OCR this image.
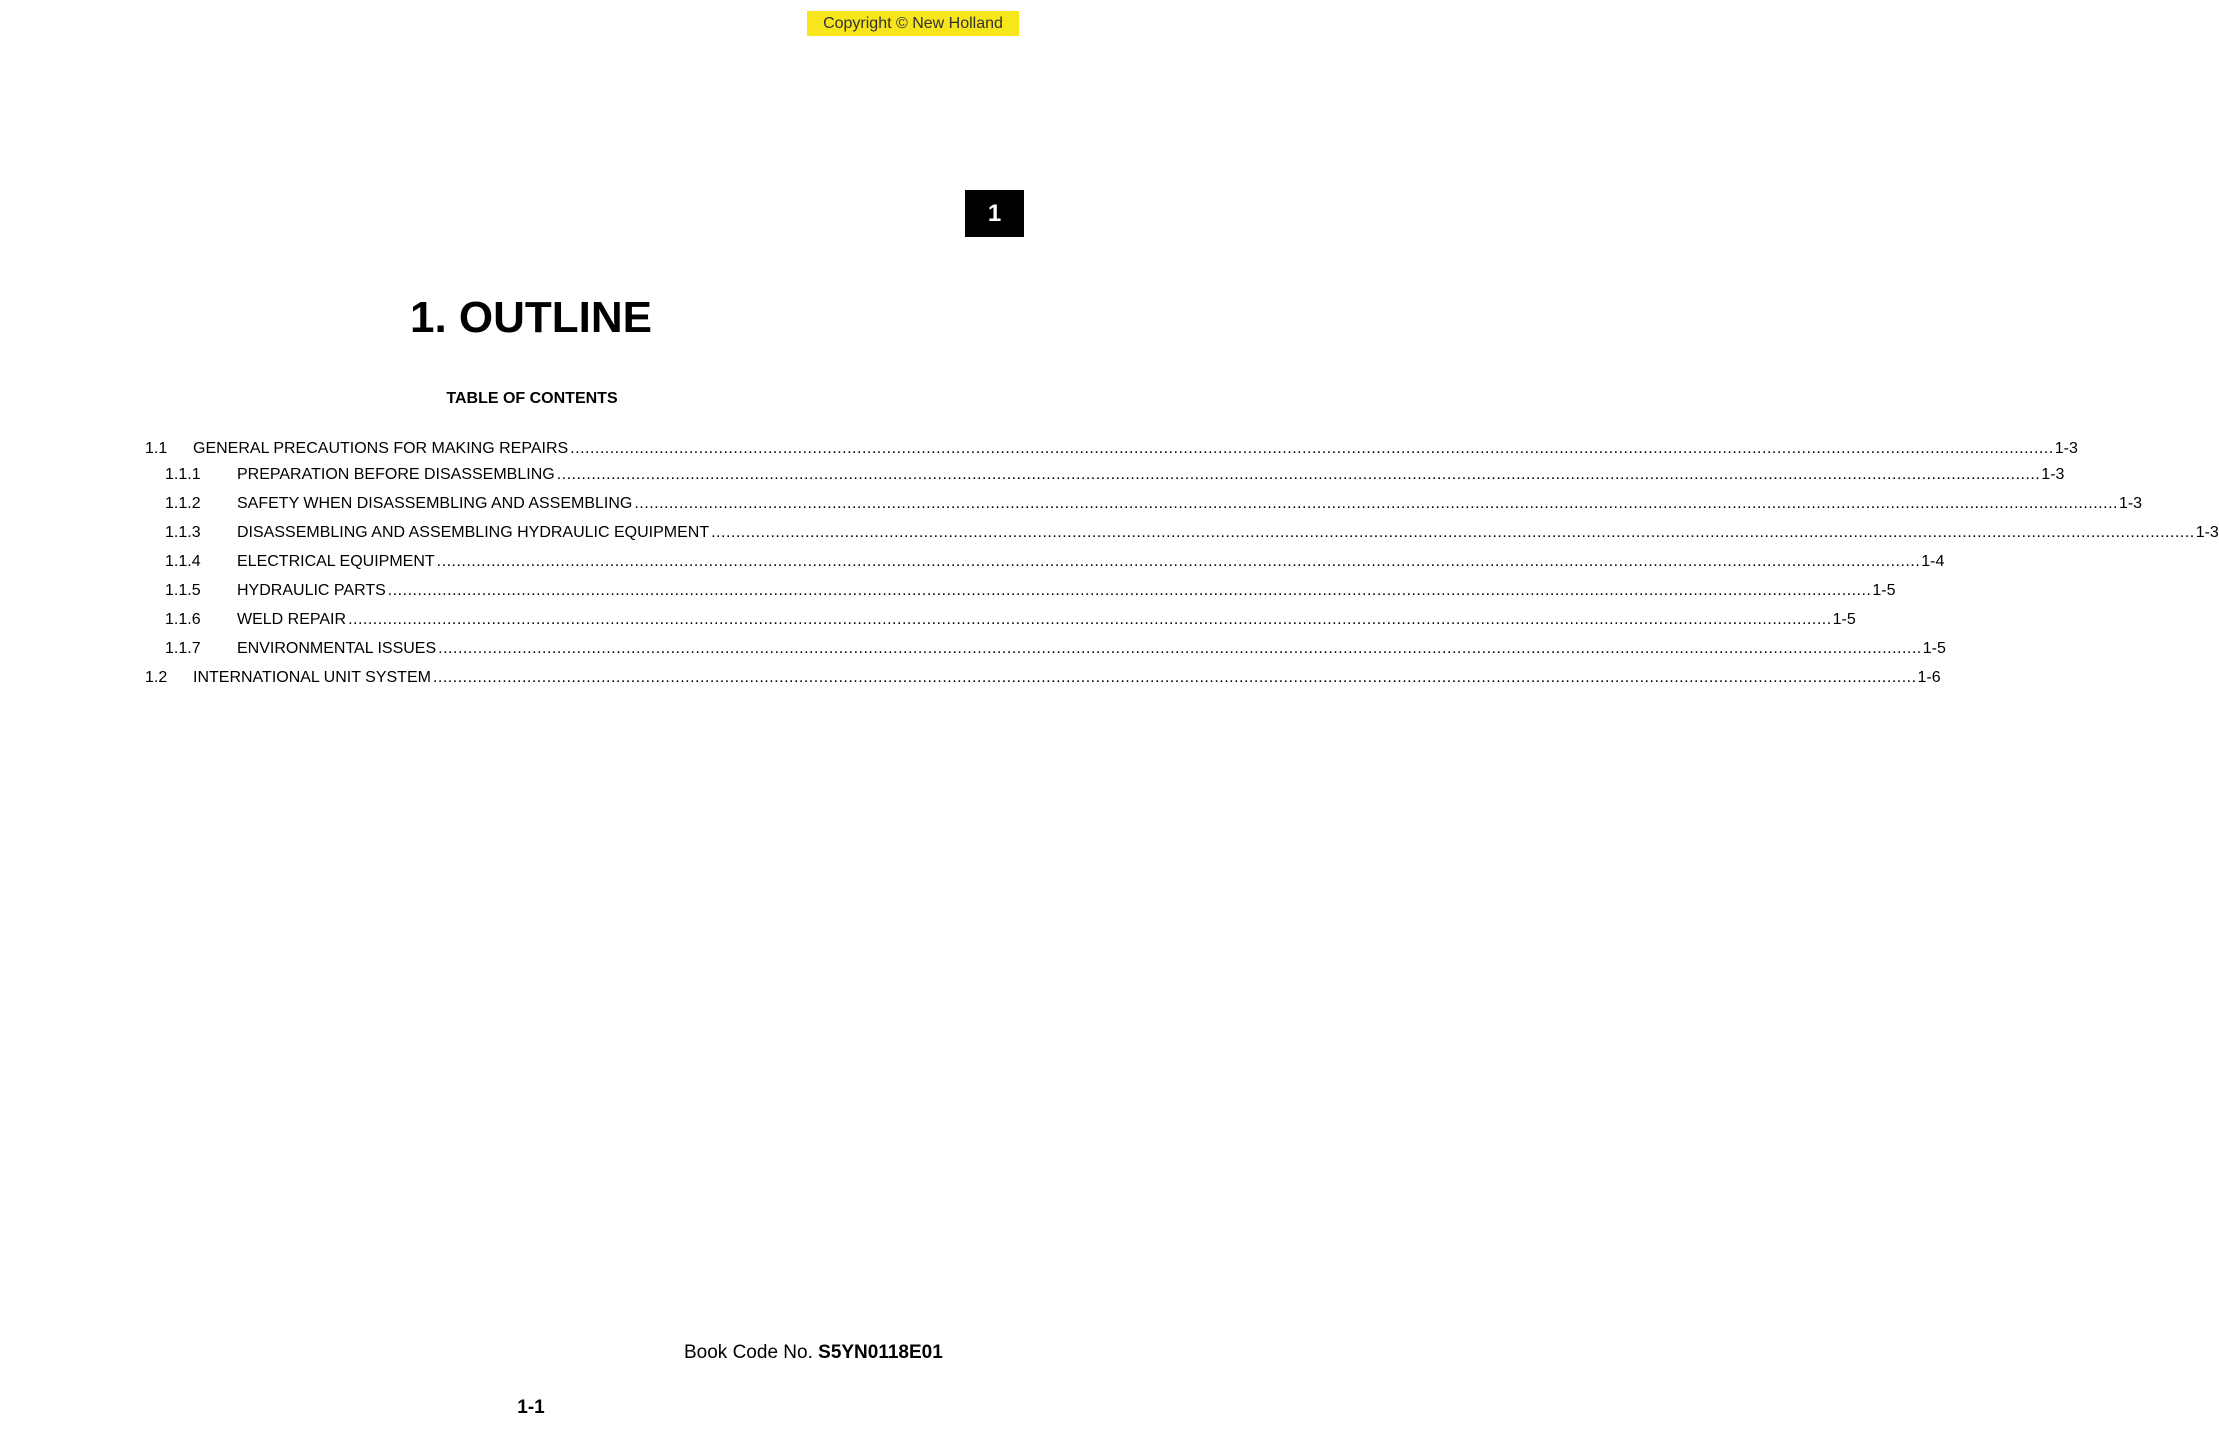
Copyright © New Holland
1
1. OUTLINE
TABLE OF CONTENTS
1.1 GENERAL PRECAUTIONS FOR MAKING REPAIRS ............................................................................................................................................................................................................................................................................................................ 1-3
1.1.1 PREPARATION BEFORE DISASSEMBLING ............................................................................................................................................................................................................................................................................................................ 1-3
1.1.2 SAFETY WHEN DISASSEMBLING AND ASSEMBLING ............................................................................................................................................................................................................................................................................................................ 1-3
1.1.3 DISASSEMBLING AND ASSEMBLING HYDRAULIC EQUIPMENT ............................................................................................................................................................................................................................................................................................................ 1-3
1.1.4 ELECTRICAL EQUIPMENT ............................................................................................................................................................................................................................................................................................................ 1-4
1.1.5 HYDRAULIC PARTS ............................................................................................................................................................................................................................................................................................................ 1-5
1.1.6 WELD REPAIR ............................................................................................................................................................................................................................................................................................................ 1-5
1.1.7 ENVIRONMENTAL ISSUES ............................................................................................................................................................................................................................................................................................................ 1-5
1.2 INTERNATIONAL UNIT SYSTEM ............................................................................................................................................................................................................................................................................................................ 1-6
Book Code No. S5YN0118E01
1-1
